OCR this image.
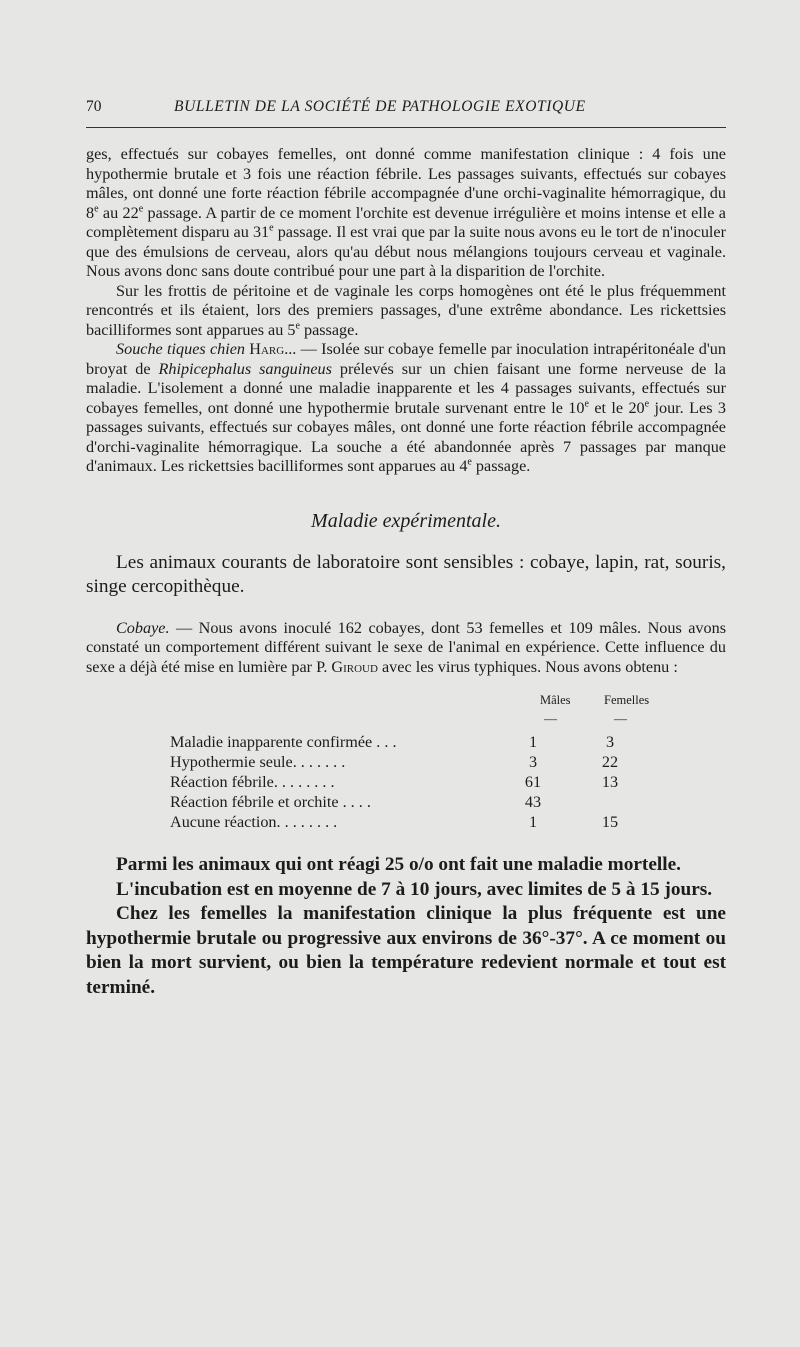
70	BULLETIN DE LA SOCIÉTÉ DE PATHOLOGIE EXOTIQUE

ges, effectués sur cobayes femelles, ont donné comme manifestation clinique : 4 fois une hypothermie brutale et 3 fois une réaction fébrile. Les passages suivants, effectués sur cobayes mâles, ont donné une forte réaction fébrile accompagnée d'une orchi-vaginalite hémorragique, du 8e au 22e passage. A partir de ce moment l'orchite est devenue irrégulière et moins intense et elle a complètement disparu au 31e passage. Il est vrai que par la suite nous avons eu le tort de n'inoculer que des émulsions de cerveau, alors qu'au début nous mélangions toujours cerveau et vaginale. Nous avons donc sans doute contribué pour une part à la disparition de l'orchite.

Sur les frottis de péritoine et de vaginale les corps homogènes ont été le plus fréquemment rencontrés et ils étaient, lors des premiers passages, d'une extrême abondance. Les rickettsies bacilliformes sont apparues au 5e passage.

Souche tiques chien Harg... — Isolée sur cobaye femelle par inoculation intrapéritonéale d'un broyat de Rhipicephalus sanguineus prélevés sur un chien faisant une forme nerveuse de la maladie. L'isolement a donné une maladie inapparente et les 4 passages suivants, effectués sur cobayes femelles, ont donné une hypothermie brutale survenant entre le 10e et le 20e jour. Les 3 passages suivants, effectués sur cobayes mâles, ont donné une forte réaction fébrile accompagnée d'orchi-vaginalite hémorragique. La souche a été abandonnée après 7 passages par manque d'animaux. Les rickettsies bacilliformes sont apparues au 4e passage.

Maladie expérimentale.

Les animaux courants de laboratoire sont sensibles : cobaye, lapin, rat, souris, singe cercopithèque.

Cobaye. — Nous avons inoculé 162 cobayes, dont 53 femelles et 109 mâles. Nous avons constaté un comportement différent suivant le sexe de l'animal en expérience. Cette influence du sexe a déjà été mise en lumière par P. Giroud avec les virus typhiques. Nous avons obtenu :

Mâles	Femelles
—	—
Maladie inapparente confirmée . . .	1	3
Hypothermie seule. . . . . . .	3	22
Réaction fébrile. . . . . . . .	61	13
Réaction fébrile et orchite . . . .	43
Aucune réaction. . . . . . . .	1	15

Parmi les animaux qui ont réagi 25 o/o ont fait une maladie mortelle.

L'incubation est en moyenne de 7 à 10 jours, avec limites de 5 à 15 jours.

Chez les femelles la manifestation clinique la plus fréquente est une hypothermie brutale ou progressive aux environs de 36°-37°. A ce moment ou bien la mort survient, ou bien la température redevient normale et tout est terminé.
